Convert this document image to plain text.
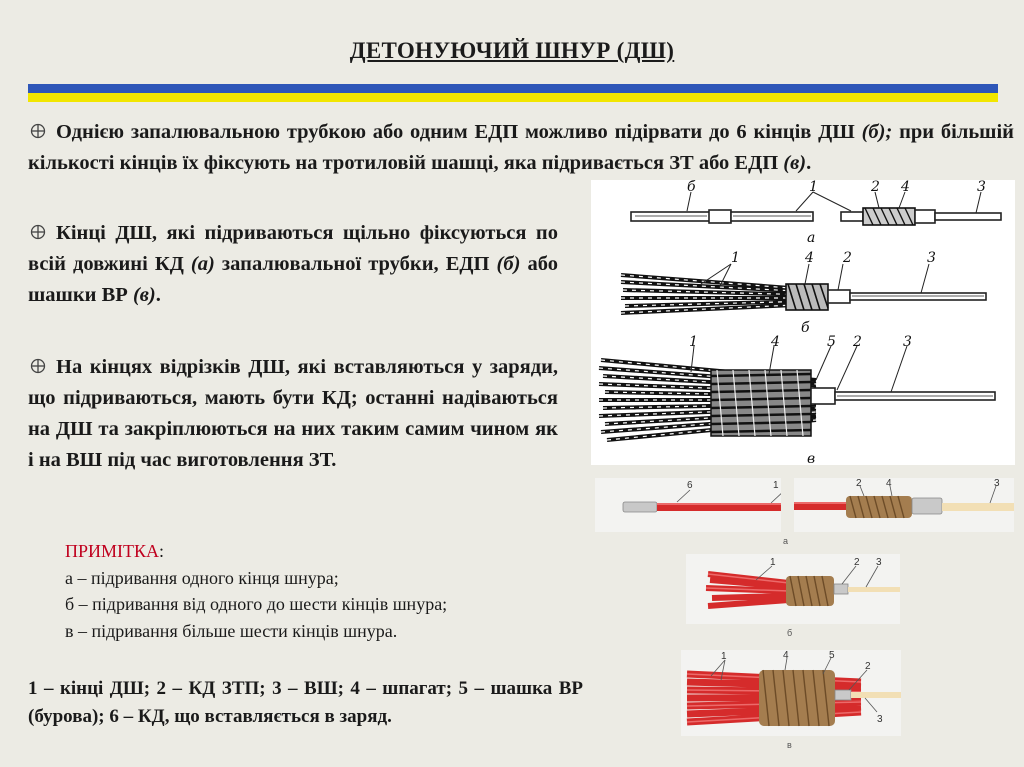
ДЕТОНУЮЧИЙ ШНУР (ДШ)
Однією запалювальною трубкою або одним ЕДП можливо підірвати до 6 кінців ДШ (б); при більшій кількості кінців їх фіксують на тротиловій шашці, яка підривається ЗТ або ЕДП (в).
Кінці ДШ, які підриваються щільно фіксуються по всій довжині КД (а) запалювальної трубки, ЕДП (б) або шашки ВР (в).
На кінцях відрізків ДШ, які вставляються у заряди, що підриваються, мають бути КД; останні надіваються на ДШ та закріплюються на них таким самим чином як і на ВШ під час виготовлення ЗТ.
ПРИМІТКА:
а – підривання одного кінця шнура;
б – підривання від одного до шести кінців шнура;
в – підривання більше шести кінців шнура.
1 – кінці ДШ; 2 – КД ЗТП; 3 – ВШ; 4 – шпагат; 5 – шашка ВР (бурова); 6 – КД, що вставляється в заряд.
б	1	2 4	3
а
1	4 2	3
б
1	4	5 2	3
в
6	1	2 4	3
а
1	2 3
б
1	4	5
2
3
в
